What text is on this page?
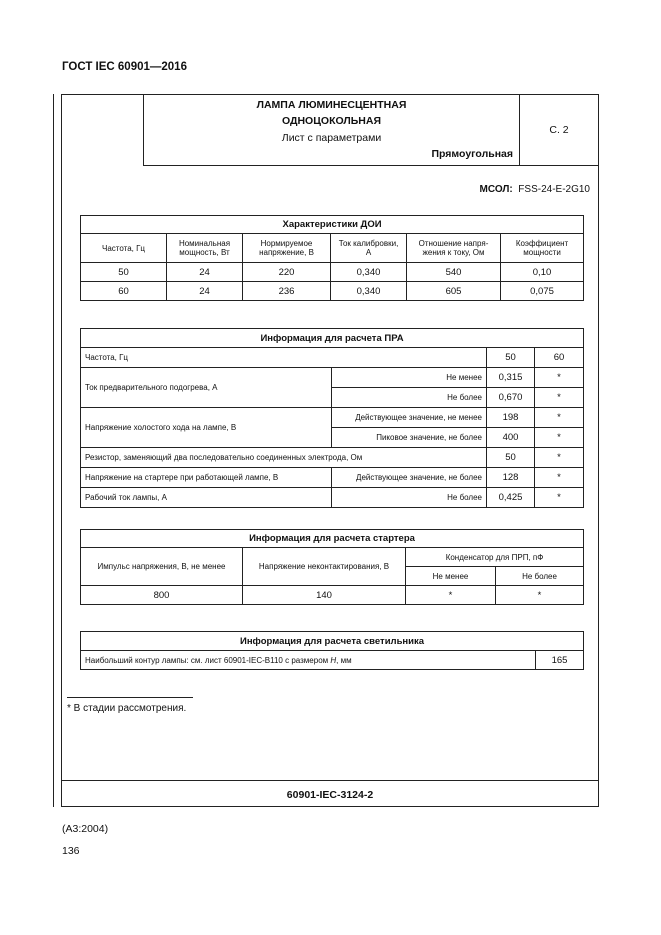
ГОСТ IEC 60901—2016
ЛАМПА ЛЮМИНЕСЦЕНТНАЯ
ОДНОЦОКОЛЬНАЯ
Лист с параметрами
Прямоугольная
С. 2
МСОЛ: FSS-24-E-2G10
Характеристики ДОИ					
Частота, Гц	Номинальная мощность, Вт	Нормируемое напряжение, В	Ток калибровки, А	Отношение напря-жения к току, Ом	Коэффициент мощности
50	24	220	0,340	540	0,10
60	24	236	0,340	605	0,075
Информация для расчета ПРА			
Частота, Гц		50	60
Ток предварительного подогрева, А	Не менее	0,315	*
	Не более	0,670	*
Напряжение холостого хода на лампе, В	Действующее значение, не менее	198	*
	Пиковое значение, не более	400	*
Резистор, заменяющий два последовательно соединенных электрода, Ом		50	*
Напряжение на стартере при работающей лампе, В	Действующее значение, не более	128	*
Рабочий ток лампы, А	Не более	0,425	*
Информация для расчета стартера			
Импульс напряжения, В, не менее	Напряжение неконтактирования, В	Конденсатор для ПРП, пФ	
		Не менее	Не более
800	140	*	*
Информация для расчета светильника
Наибольший контур лампы: см. лист 60901-IEC-B110 с размером H, мм	165
60901-IEC-3124-2
* В стадии рассмотрения.
(А3:2004)
136
